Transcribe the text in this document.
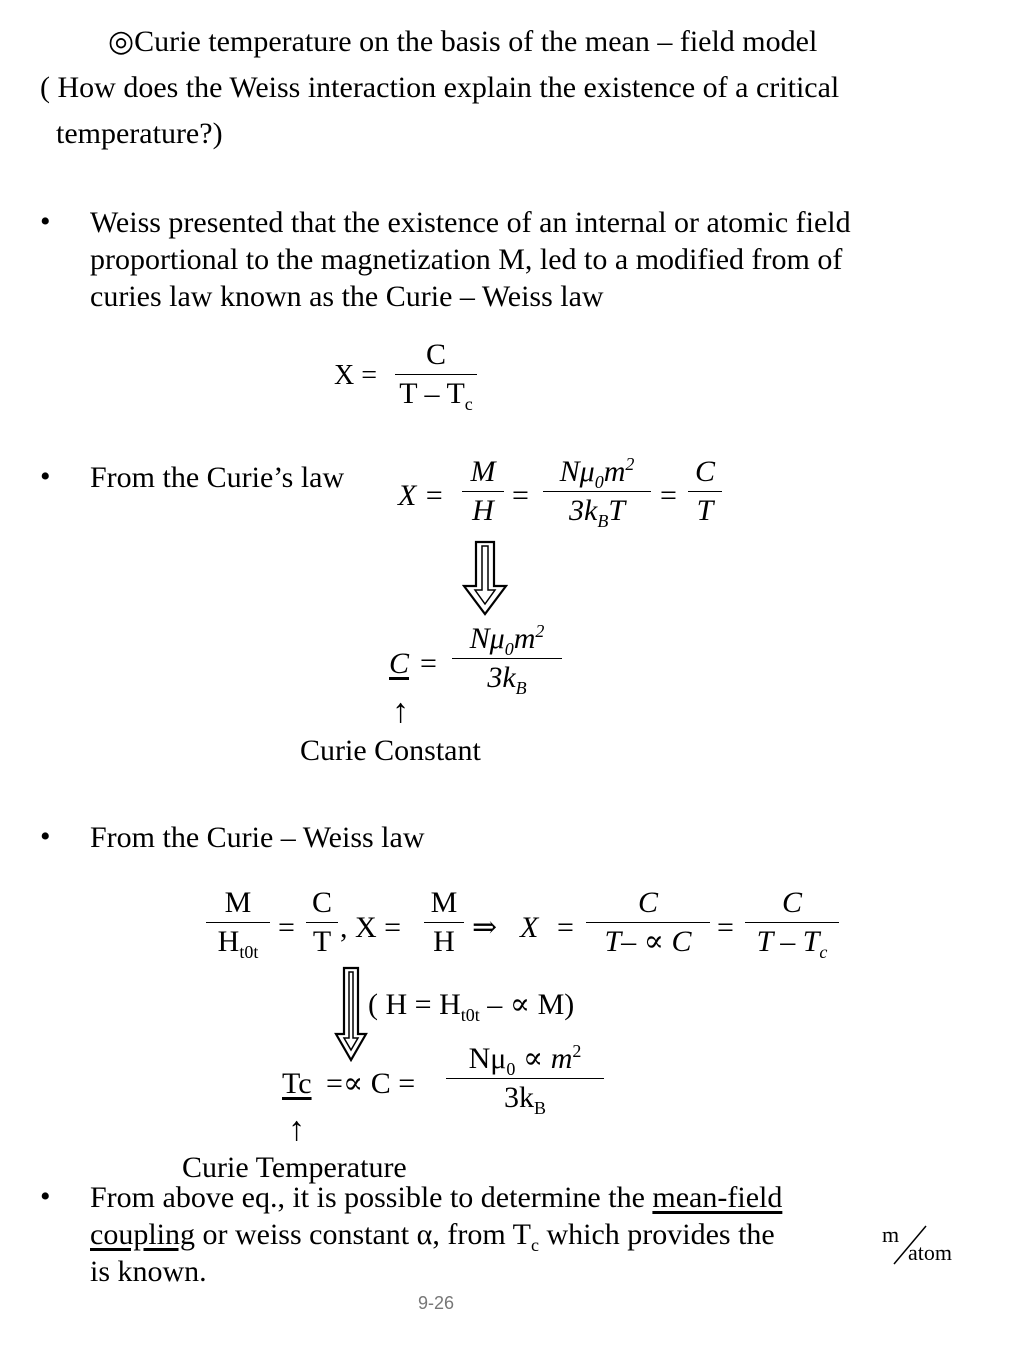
◎Curie temperature on the basis of the mean – field model
( How does the Weiss interaction explain the existence of a critical
temperature?)
• Weiss presented that the existence of an internal or atomic field
proportional to the magnetization M, led to a modified from of
curies law known as the Curie – Weiss law
X =
C
T – $T_c$
• From the Curie’s law
X =
M
H =
$N\mu_0m^2$
$3k_BT$ =
C
T
C =
$N\mu_0m^2$
$3k_B$
↑
Curie Constant
• From the Curie – Weiss law
M
$H_{t0t}$
=
C
T , X =
M
H ⇒ X =
C
T– ∝ C =
C
T – $T_c$
( $H = H_{t0t}$ – ∝ M)
Tc =∝ C =
$N\mu_0 \propto m^2$
$3k_B$
↑
Curie Temperature
• From above eq., it is possible to determine the mean-field
coupling or weiss constant α, from $T_c$ which provides the	m
atom
is known.
9-26
